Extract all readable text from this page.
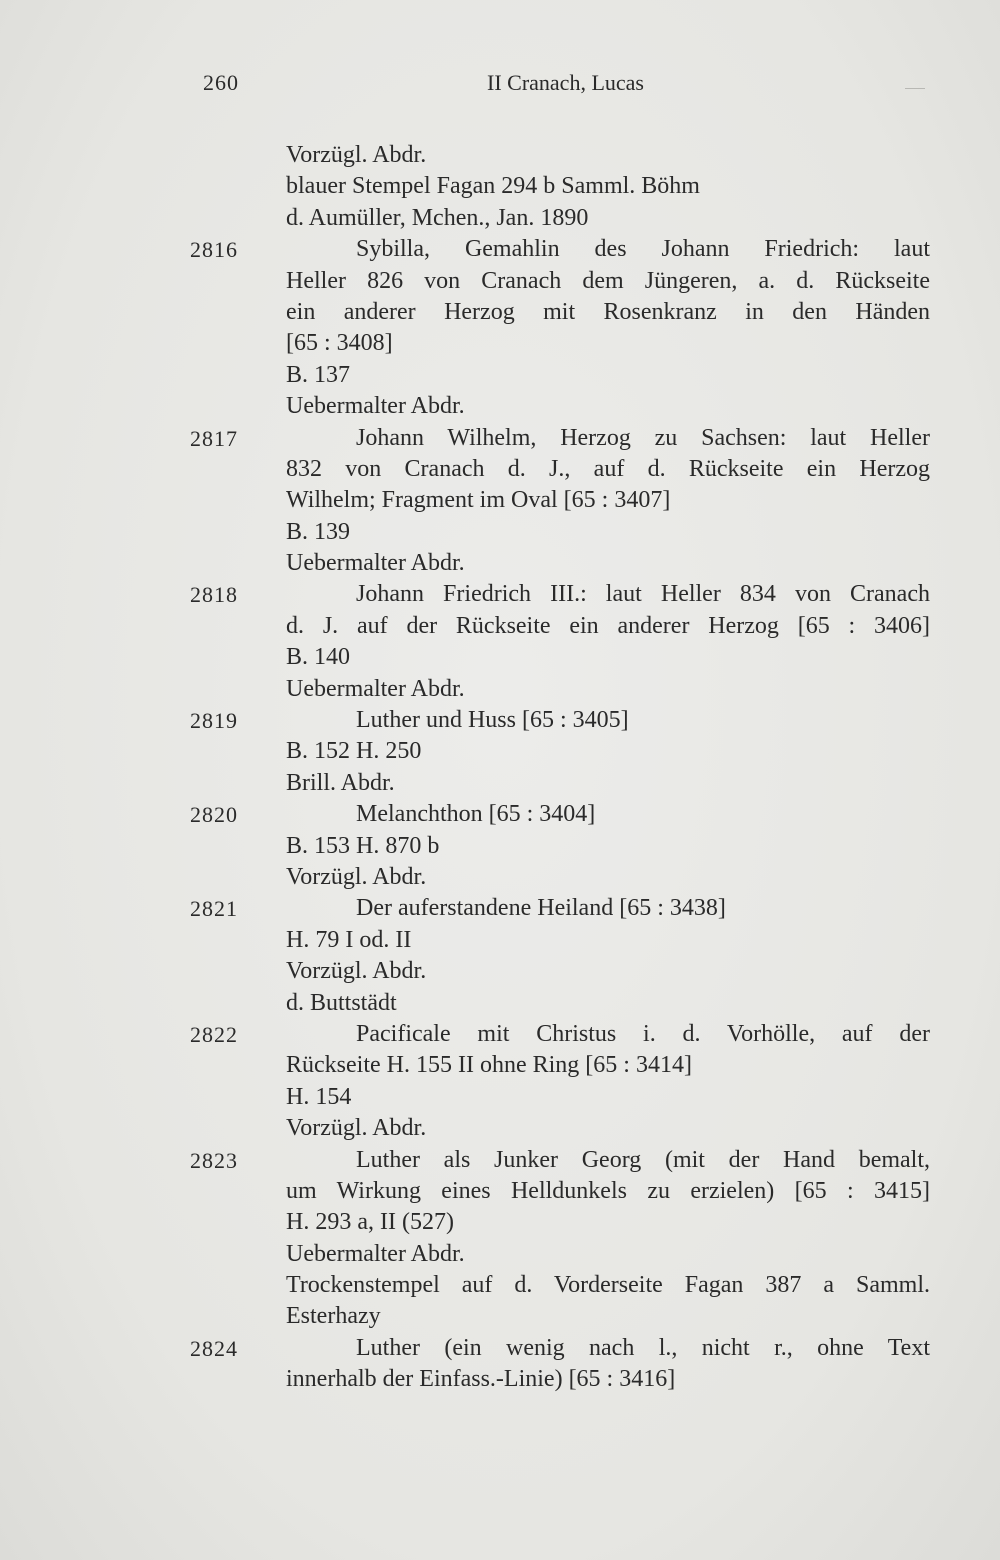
260	II Cranach, Lucas
Vorzügl. Abdr.
blauer Stempel Fagan 294 b Samml. Böhm
d. Aumüller, Mchen., Jan. 1890
2816	Sybilla, Gemahlin des Johann Friedrich: laut
Heller 826 von Cranach dem Jüngeren, a. d. Rückseite
ein anderer Herzog mit Rosenkranz in den Händen
[65 : 3408]
B. 137
Uebermalter Abdr.
2817	Johann Wilhelm, Herzog zu Sachsen: laut Heller
832 von Cranach d. J., auf d. Rückseite ein Herzog
Wilhelm; Fragment im Oval [65 : 3407]
B. 139
Uebermalter Abdr.
2818	Johann Friedrich III.: laut Heller 834 von Cranach
d. J. auf der Rückseite ein anderer Herzog [65 : 3406]
B. 140
Uebermalter Abdr.
2819	Luther und Huss [65 : 3405]
B. 152 H. 250
Brill. Abdr.
2820	Melanchthon [65 : 3404]
B. 153 H. 870 b
Vorzügl. Abdr.
2821	Der auferstandene Heiland [65 : 3438]
H. 79 I od. II
Vorzügl. Abdr.
d. Buttstädt
2822	Pacificale mit Christus i. d. Vorhölle, auf der
Rückseite H. 155 II ohne Ring [65 : 3414]
H. 154
Vorzügl. Abdr.
2823	Luther als Junker Georg (mit der Hand bemalt,
um Wirkung eines Helldunkels zu erzielen) [65 : 3415]
H. 293 a, II (527)
Uebermalter Abdr.
Trockenstempel auf d. Vorderseite Fagan 387 a Samml.
Esterhazy
2824	Luther (ein wenig nach l., nicht r., ohne Text
innerhalb der Einfass.-Linie) [65 : 3416]
